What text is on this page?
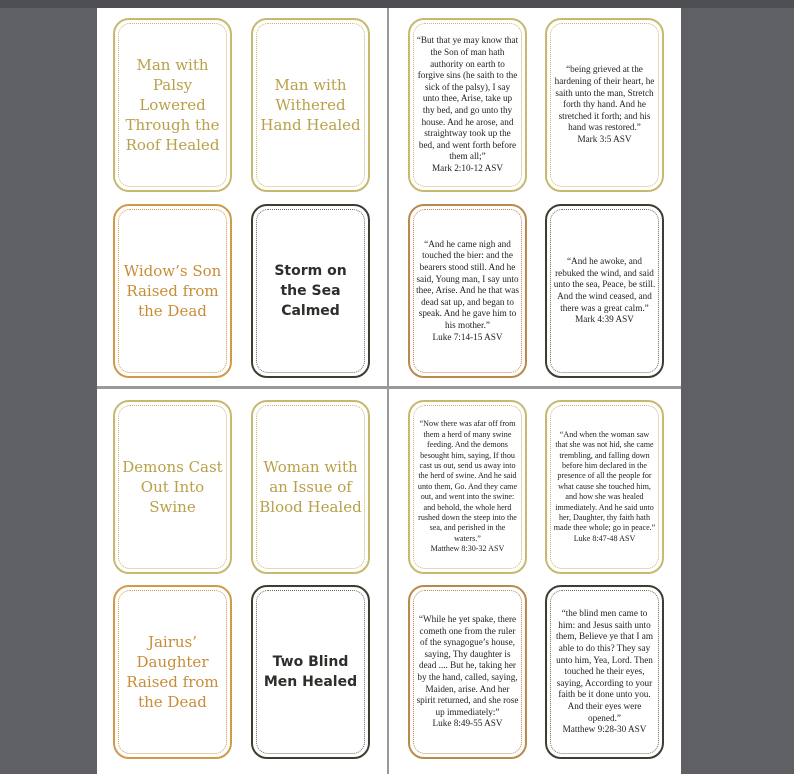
Man with Palsy Lowered Through the Roof Healed
Man with Withered Hand Healed
Widow’s Son Raised from the Dead
Storm on the Sea Calmed
“But that ye may know that the Son of man hath authority on earth to forgive sins (he saith to the sick of the palsy), I say unto thee, Arise, take up thy bed, and go unto thy house. And he arose, and straightway took up the bed, and went forth before them all;”
Mark 2:10-12 ASV
“being grieved at the hardening of their heart, he saith unto the man, Stretch forth thy hand. And he stretched it forth; and his hand was restored.”
Mark 3:5 ASV
“And he came nigh and touched the bier: and the bearers stood still. And he said, Young man, I say unto thee, Arise. And he that was dead sat up, and began to speak. And he gave him to his mother.”
Luke 7:14-15 ASV
“And he awoke, and rebuked the wind, and said unto the sea, Peace, be still. And the wind ceased, and there was a great calm.”
Mark 4:39 ASV
Demons Cast Out Into Swine
Woman with an Issue of Blood Healed
Jairus’ Daughter Raised from the Dead
Two Blind Men Healed
“Now there was afar off from them a herd of many swine feeding. And the demons besought him, saying, If thou cast us out, send us away into the herd of swine. And he said unto them, Go. And they came out, and went into the swine: and behold, the whole herd rushed down the steep into the sea, and perished in the waters.”
Matthew 8:30-32 ASV
“And when the woman saw that she was not hid, she came trembling, and falling down before him declared in the presence of all the people for what cause she touched him, and how she was healed immediately. And he said unto her, Daughter, thy faith hath made thee whole; go in peace.”
Luke 8:47-48 ASV
“While he yet spake, there cometh one from the ruler of the synagogue’s house, saying, Thy daughter is dead .... But he, taking her by the hand, called, saying, Maiden, arise. And her spirit returned, and she rose up immediately:”
Luke 8:49-55 ASV
“the blind men came to him: and Jesus saith unto them, Believe ye that I am able to do this? They say unto him, Yea, Lord. Then touched he their eyes, saying, According to your faith be it done unto you. And their eyes were opened.”
Matthew 9:28-30 ASV
